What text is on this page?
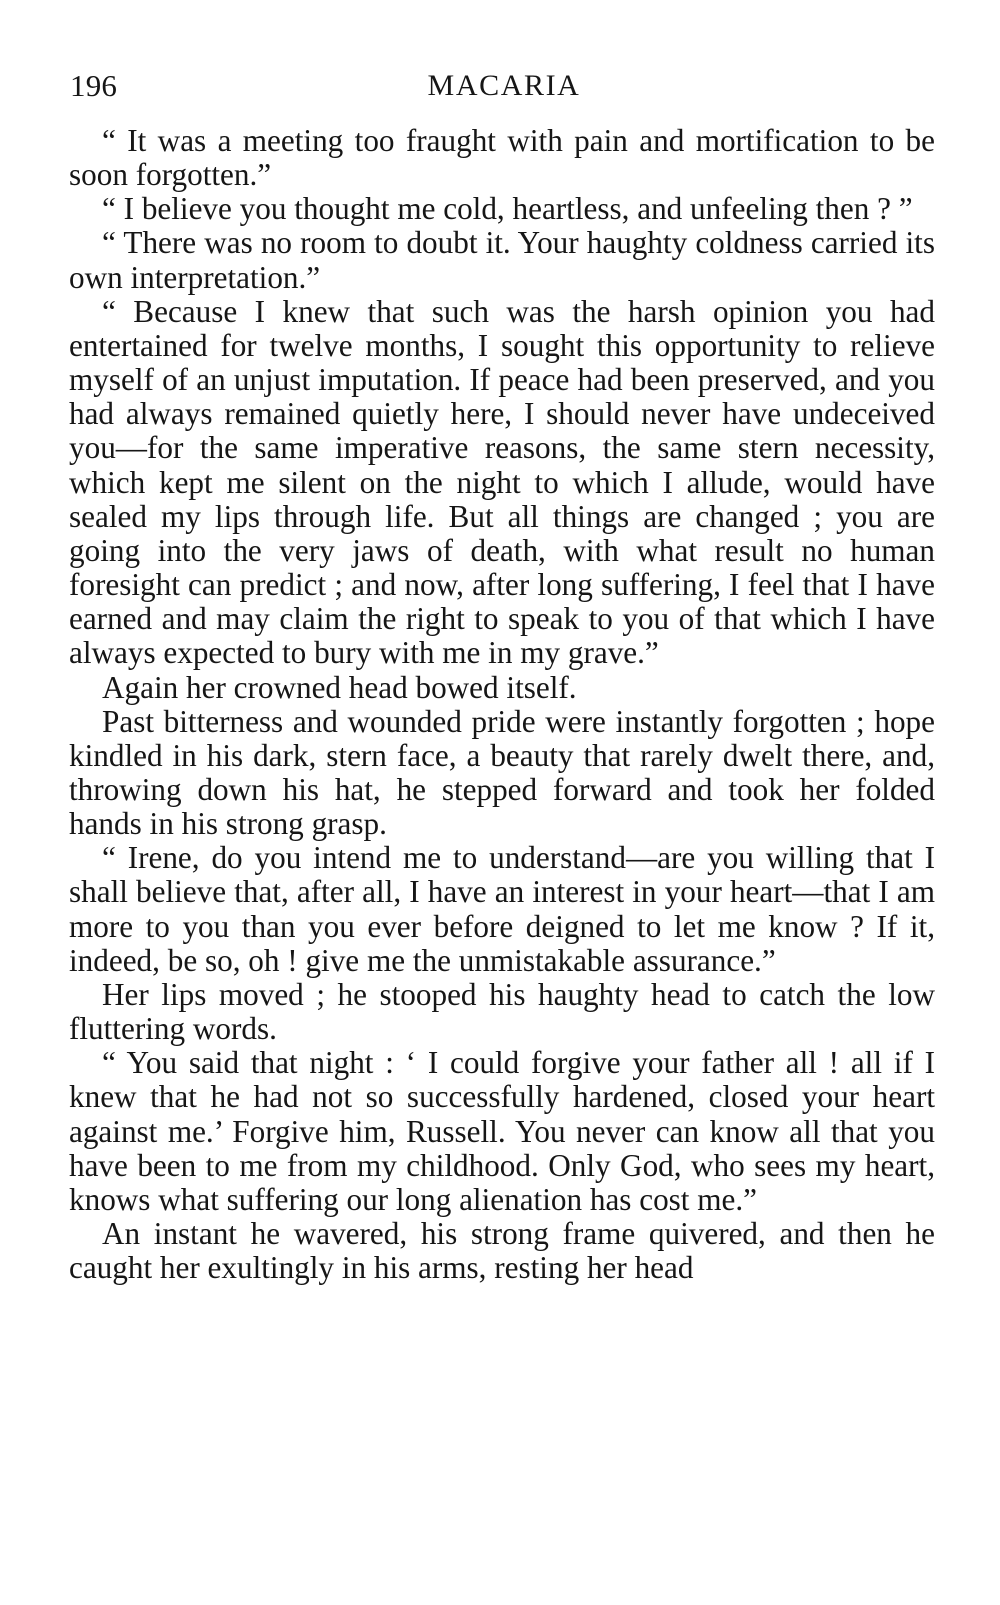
196	MACARIA

“ It was a meeting too fraught with pain and mortification to be soon forgotten.”

“ I believe you thought me cold, heartless, and unfeeling then ? ”

“ There was no room to doubt it. Your haughty coldness carried its own interpretation.”

“ Because I knew that such was the harsh opinion you had entertained for twelve months, I sought this opportunity to relieve myself of an unjust imputation. If peace had been preserved, and you had always remained quietly here, I should never have undeceived you—for the same imperative reasons, the same stern necessity, which kept me silent on the night to which I allude, would have sealed my lips through life. But all things are changed ; you are going into the very jaws of death, with what result no human foresight can predict ; and now, after long suffering, I feel that I have earned and may claim the right to speak to you of that which I have always expected to bury with me in my grave.”

Again her crowned head bowed itself.

Past bitterness and wounded pride were instantly forgotten ; hope kindled in his dark, stern face, a beauty that rarely dwelt there, and, throwing down his hat, he stepped forward and took her folded hands in his strong grasp.

“ Irene, do you intend me to understand—are you willing that I shall believe that, after all, I have an interest in your heart—that I am more to you than you ever before deigned to let me know ? If it, indeed, be so, oh ! give me the unmistakable assurance.”

Her lips moved ; he stooped his haughty head to catch the low fluttering words.

“ You said that night : ‘ I could forgive your father all ! all if I knew that he had not so successfully hardened, closed your heart against me.’ Forgive him, Russell. You never can know all that you have been to me from my childhood. Only God, who sees my heart, knows what suffering our long alienation has cost me.”

An instant he wavered, his strong frame quivered, and then he caught her exultingly in his arms, resting her head
